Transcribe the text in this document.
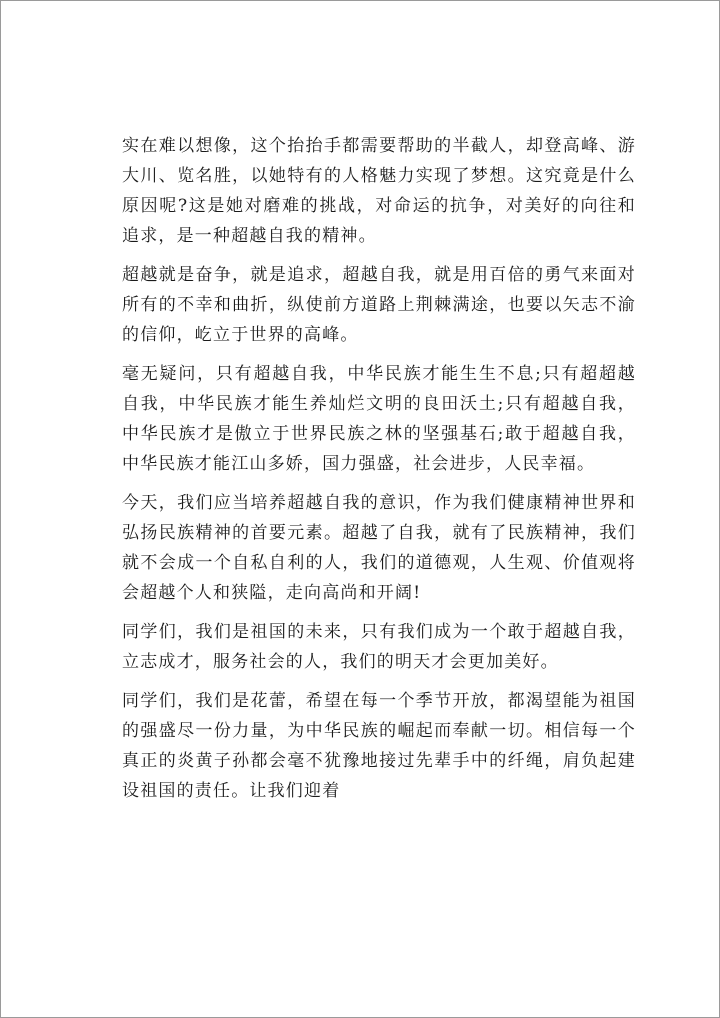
实在难以想像，这个抬抬手都需要帮助的半截人，却登高峰、游大川、览名胜，以她特有的人格魅力实现了梦想。这究竟是什么原因呢?这是她对磨难的挑战，对命运的抗争，对美好的向往和追求，是一种超越自我的精神。

超越就是奋争，就是追求，超越自我，就是用百倍的勇气来面对所有的不幸和曲折，纵使前方道路上荆棘满途，也要以矢志不渝的信仰，屹立于世界的高峰。

毫无疑问，只有超越自我，中华民族才能生生不息;只有超超越自我，中华民族才能生养灿烂文明的良田沃土;只有超越自我，中华民族才是傲立于世界民族之林的坚强基石;敢于超越自我，中华民族才能江山多娇，国力强盛，社会进步，人民幸福。

今天，我们应当培养超越自我的意识，作为我们健康精神世界和弘扬民族精神的首要元素。超越了自我，就有了民族精神，我们就不会成一个自私自利的人，我们的道德观，人生观、价值观将会超越个人和狭隘，走向高尚和开阔!

同学们，我们是祖国的未来，只有我们成为一个敢于超越自我，立志成才，服务社会的人，我们的明天才会更加美好。

同学们，我们是花蕾，希望在每一个季节开放，都渴望能为祖国的强盛尽一份力量，为中华民族的崛起而奉献一切。相信每一个真正的炎黄子孙都会毫不犹豫地接过先辈手中的纤绳，肩负起建设祖国的责任。让我们迎着
